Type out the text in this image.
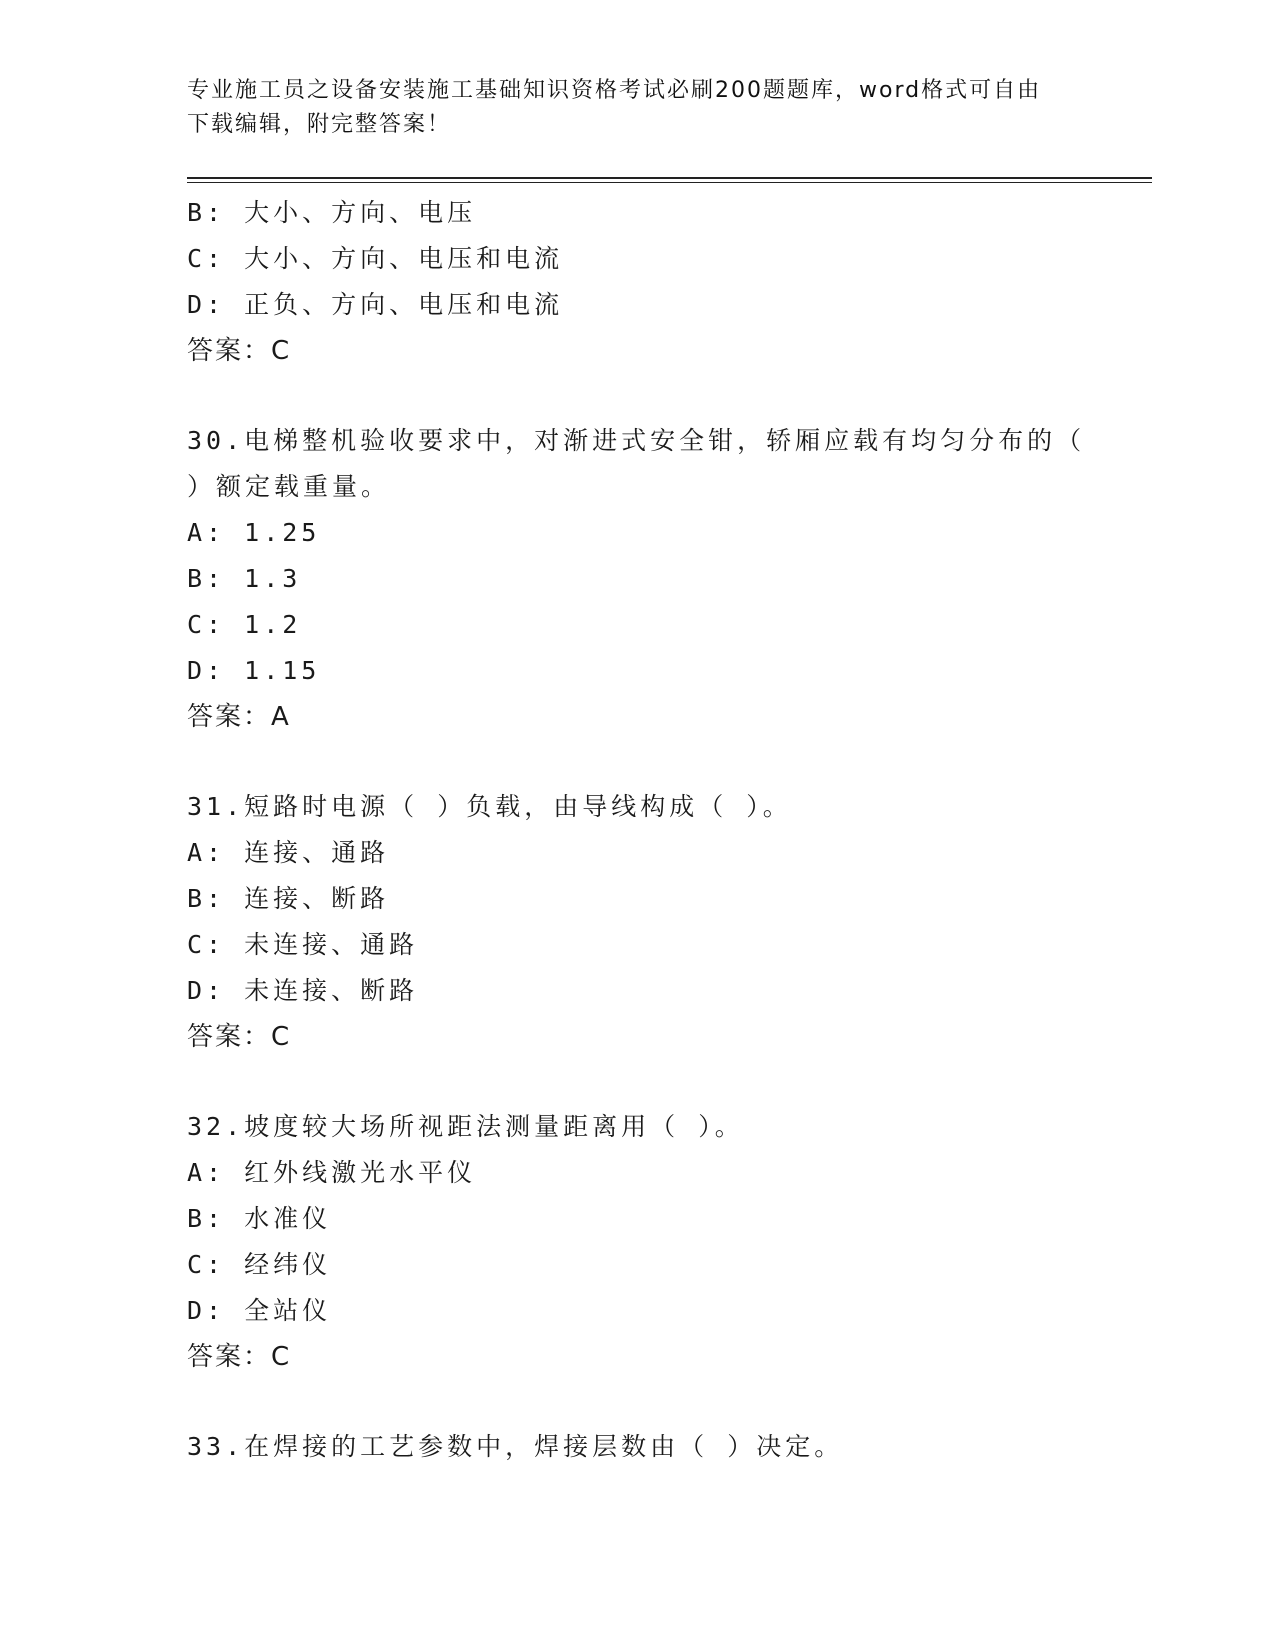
专业施工员之设备安装施工基础知识资格考试必刷200题题库，word格式可自由
下载编辑，附完整答案！
B: 大小、方向、电压
C: 大小、方向、电压和电流
D: 正负、方向、电压和电流
答案：C
30.电梯整机验收要求中，对渐进式安全钳，轿厢应载有均匀分布的（
）额定载重量。
A: 1.25
B: 1.3
C: 1.2
D: 1.15
答案：A
31.短路时电源（ ）负载，由导线构成（ ）。
A: 连接、通路
B: 连接、断路
C: 未连接、通路
D: 未连接、断路
答案：C
32.坡度较大场所视距法测量距离用（ ）。
A: 红外线激光水平仪
B: 水准仪
C: 经纬仪
D: 全站仪
答案：C
33.在焊接的工艺参数中，焊接层数由（ ）决定。
